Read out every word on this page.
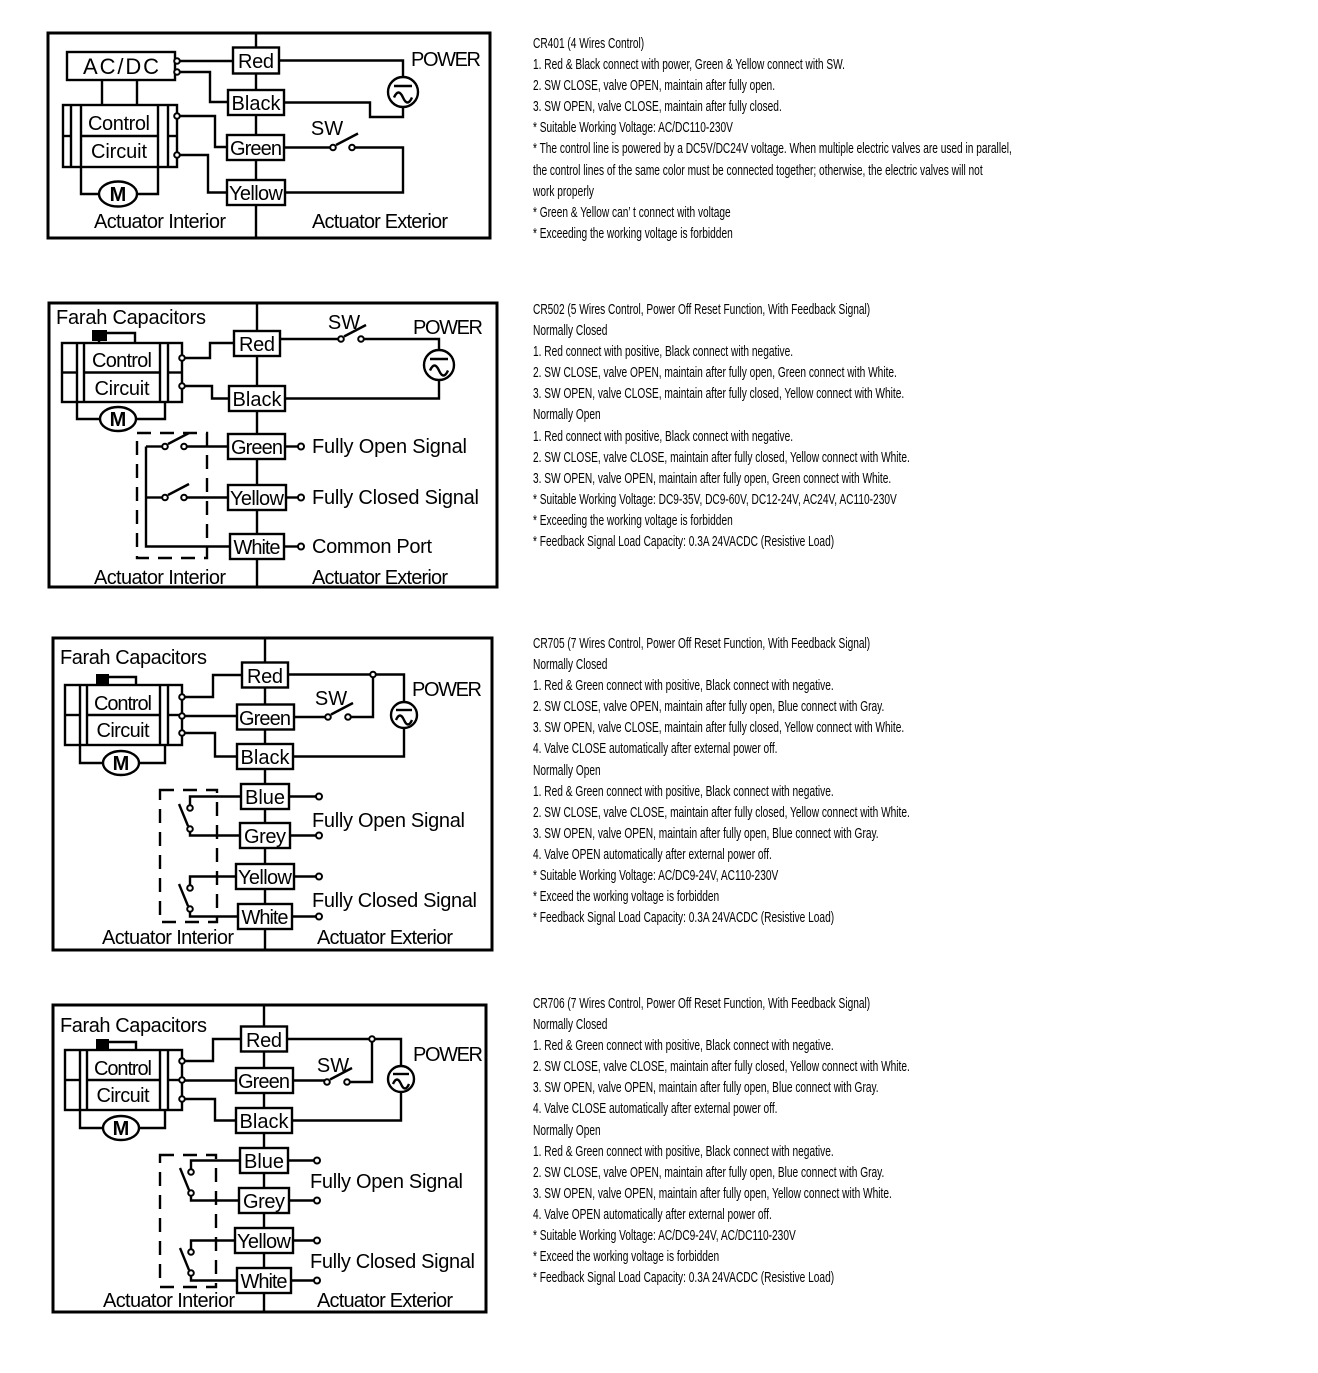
AC/DC
Control
Circuit
M
Red
Black
Green
Yellow
SW
POWER
Actuator Interior	Actuator Exterior
CR401 (4 Wires Control)
1. Red & Black connect with power, Green & Yellow connect with SW.
2. SW CLOSE, valve OPEN, maintain after fully open.
3. SW OPEN, valve CLOSE, maintain after fully closed.
* Suitable Working Voltage: AC/DC110-230V
* The control line is powered by a DC5V/DC24V voltage. When multiple electric valves are used in parallel,
the control lines of the same color must be connected together; otherwise, the electric valves will not
work properly
* Green & Yellow can’ t connect with voltage
* Exceeding the working voltage is forbidden
Farah Capacitors
Control
Circuit
M
Red
Black
Green
Yellow
White
SW	POWER
Fully Open Signal
Fully Closed Signal
Common Port
Actuator Interior	Actuator Exterior
CR502 (5 Wires Control, Power Off Reset Function, With Feedback Signal)
Normally Closed
1. Red connect with positive, Black connect with negative.
2. SW CLOSE, valve OPEN, maintain after fully open, Green connect with White.
3. SW OPEN, valve CLOSE, maintain after fully closed, Yellow connect with White.
Normally Open
1. Red connect with positive, Black connect with negative.
2. SW CLOSE, valve CLOSE, maintain after fully closed, Yellow connect with White.
3. SW OPEN, valve OPEN, maintain after fully open, Green connect with White.
* Suitable Working Voltage: DC9-35V, DC9-60V, DC12-24V, AC24V, AC110-230V
* Exceeding the working voltage is forbidden
* Feedback Signal Load Capacity: 0.3A 24VACDC (Resistive Load)
Farah Capacitors
Control
Circuit
M
Red
Green
Black
Blue
Grey
Yellow
White
SW	POWER
Fully Open Signal
Fully Closed Signal
Actuator Interior	Actuator Exterior
CR705 (7 Wires Control, Power Off Reset Function, With Feedback Signal)
Normally Closed
1. Red & Green connect with positive, Black connect with negative.
2. SW CLOSE, valve OPEN, maintain after fully open, Blue connect with Gray.
3. SW OPEN, valve CLOSE, maintain after fully closed, Yellow connect with White.
4. Valve CLOSE automatically after external power off.
Normally Open
1. Red & Green connect with positive, Black connect with negative.
2. SW CLOSE, valve CLOSE, maintain after fully closed, Yellow connect with White.
3. SW OPEN, valve OPEN, maintain after fully open, Blue connect with Gray.
4. Valve OPEN automatically after external power off.
* Suitable Working Voltage: AC/DC9-24V, AC110-230V
* Exceed the working voltage is forbidden
* Feedback Signal Load Capacity: 0.3A 24VACDC (Resistive Load)
Farah Capacitors
Control
Circuit
M
Red
Green
Black
Blue
Grey
Yellow
White
SW	POWER
Fully Open Signal
Fully Closed Signal
Actuator Interior	Actuator Exterior
CR706 (7 Wires Control, Power Off Reset Function, With Feedback Signal)
Normally Closed
1. Red & Green connect with positive, Black connect with negative.
2. SW CLOSE, valve CLOSE, maintain after fully closed, Yellow connect with White.
3. SW OPEN, valve OPEN, maintain after fully open, Blue connect with Gray.
4. Valve CLOSE automatically after external power off.
Normally Open
1. Red & Green connect with positive, Black connect with negative.
2. SW CLOSE, valve OPEN, maintain after fully open, Blue connect with Gray.
3. SW OPEN, valve OPEN, maintain after fully open, Yellow connect with White.
4. Valve OPEN automatically after external power off.
* Suitable Working Voltage: AC/DC9-24V, AC/DC110-230V
* Exceed the working voltage is forbidden
* Feedback Signal Load Capacity: 0.3A 24VACDC (Resistive Load)
